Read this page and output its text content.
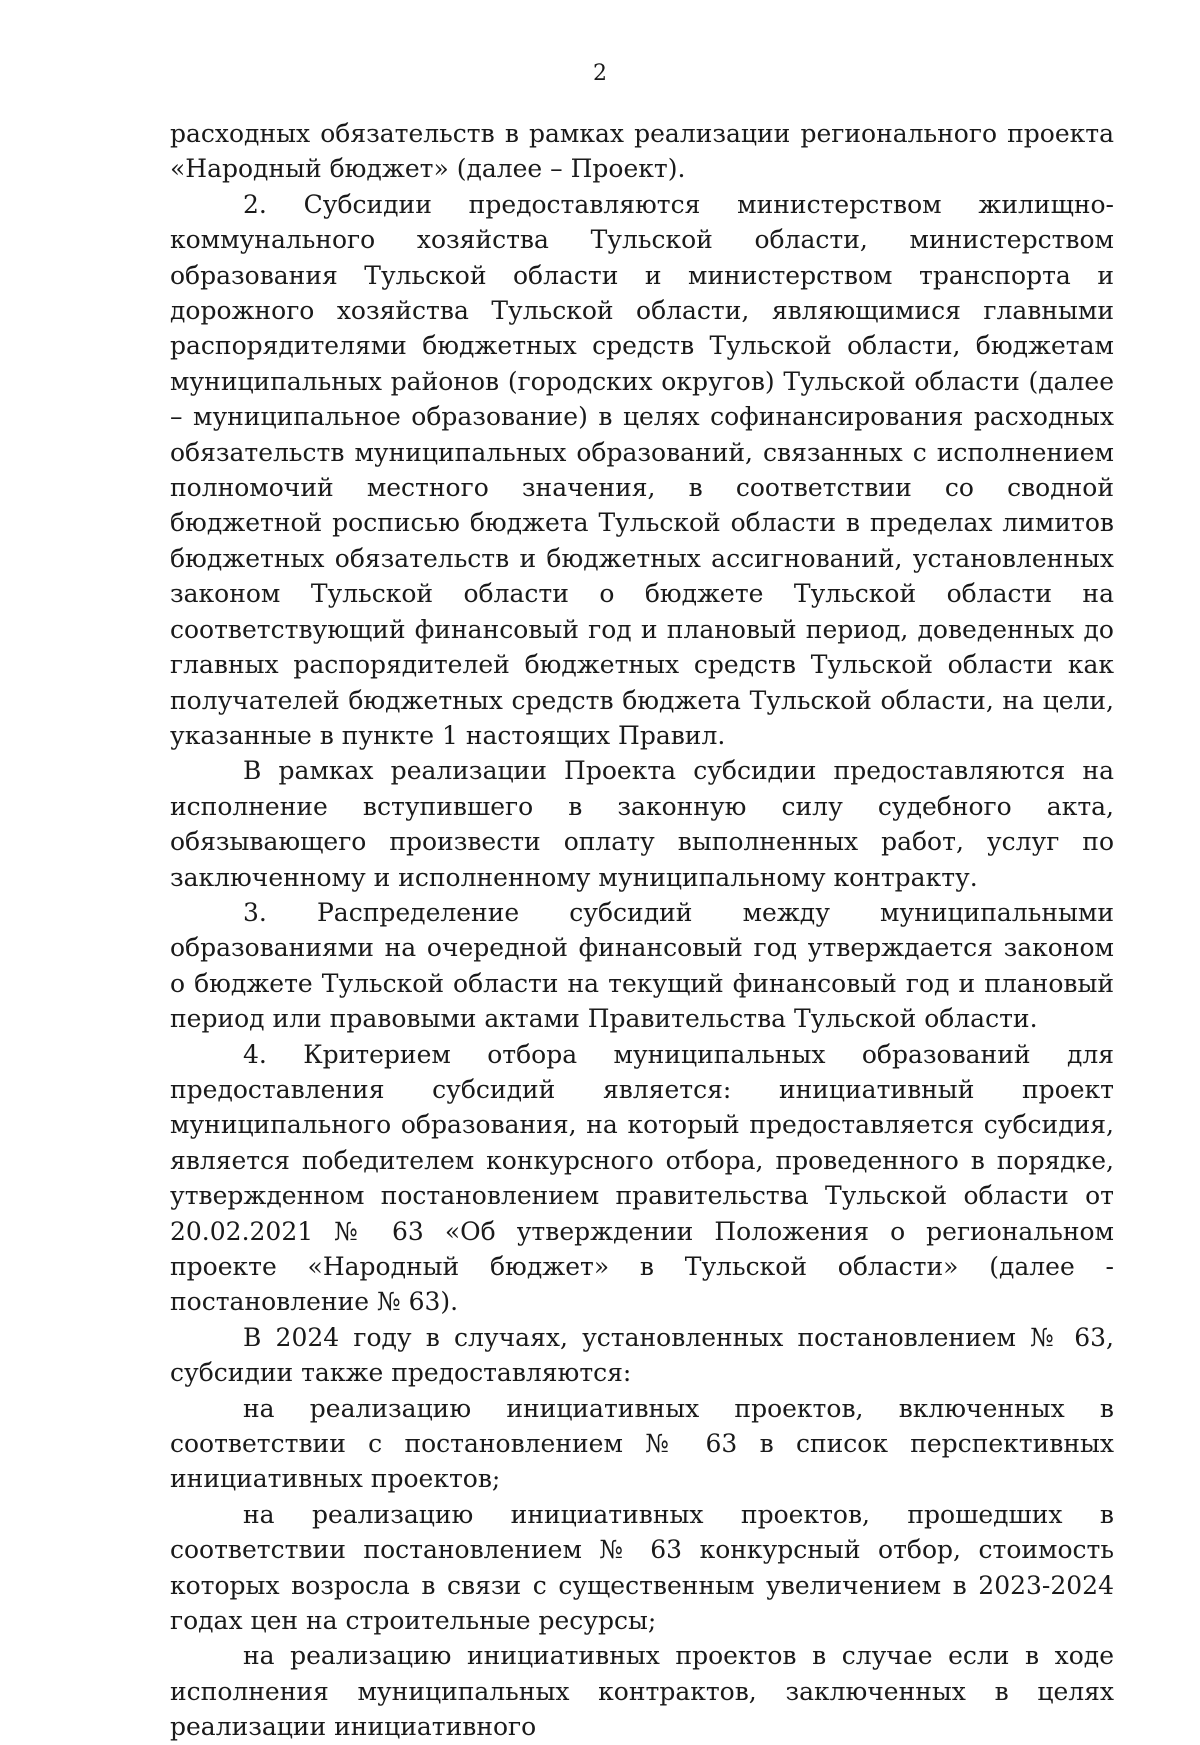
2

расходных обязательств в рамках реализации регионального проекта «Народный бюджет» (далее – Проект).

2. Субсидии предоставляются министерством жилищно-коммунального хозяйства Тульской области, министерством образования Тульской области и министерством транспорта и дорожного хозяйства Тульской области, являющимися главными распорядителями бюджетных средств Тульской области, бюджетам муниципальных районов (городских округов) Тульской области (далее – муниципальное образование) в целях софинансирования расходных обязательств муниципальных образований, связанных с исполнением полномочий местного значения, в соответствии со сводной бюджетной росписью бюджета Тульской области в пределах лимитов бюджетных обязательств и бюджетных ассигнований, установленных законом Тульской области о бюджете Тульской области на соответствующий финансовый год и плановый период, доведенных до главных распорядителей бюджетных средств Тульской области как получателей бюджетных средств бюджета Тульской области, на цели, указанные в пункте 1 настоящих Правил.

В рамках реализации Проекта субсидии предоставляются на исполнение вступившего в законную силу судебного акта, обязывающего произвести оплату выполненных работ, услуг по заключенному и исполненному муниципальному контракту.

3. Распределение субсидий между муниципальными образованиями на очередной финансовый год утверждается законом о бюджете Тульской области на текущий финансовый год и плановый период или правовыми актами Правительства Тульской области.

4. Критерием отбора муниципальных образований для предоставления субсидий является: инициативный проект муниципального образования, на который предоставляется субсидия, является победителем конкурсного отбора, проведенного в порядке, утвержденном постановлением правительства Тульской области от 20.02.2021 № 63 «Об утверждении Положения о региональном проекте «Народный бюджет» в Тульской области» (далее - постановление № 63).

В 2024 году в случаях, установленных постановлением № 63, субсидии также предоставляются:

на реализацию инициативных проектов, включенных в соответствии с постановлением № 63 в список перспективных инициативных проектов;

на реализацию инициативных проектов, прошедших в соответствии постановлением № 63 конкурсный отбор, стоимость которых возросла в связи с существенным увеличением в 2023-2024 годах цен на строительные ресурсы;

на реализацию инициативных проектов в случае если в ходе исполнения муниципальных контрактов, заключенных в целях реализации инициативного
